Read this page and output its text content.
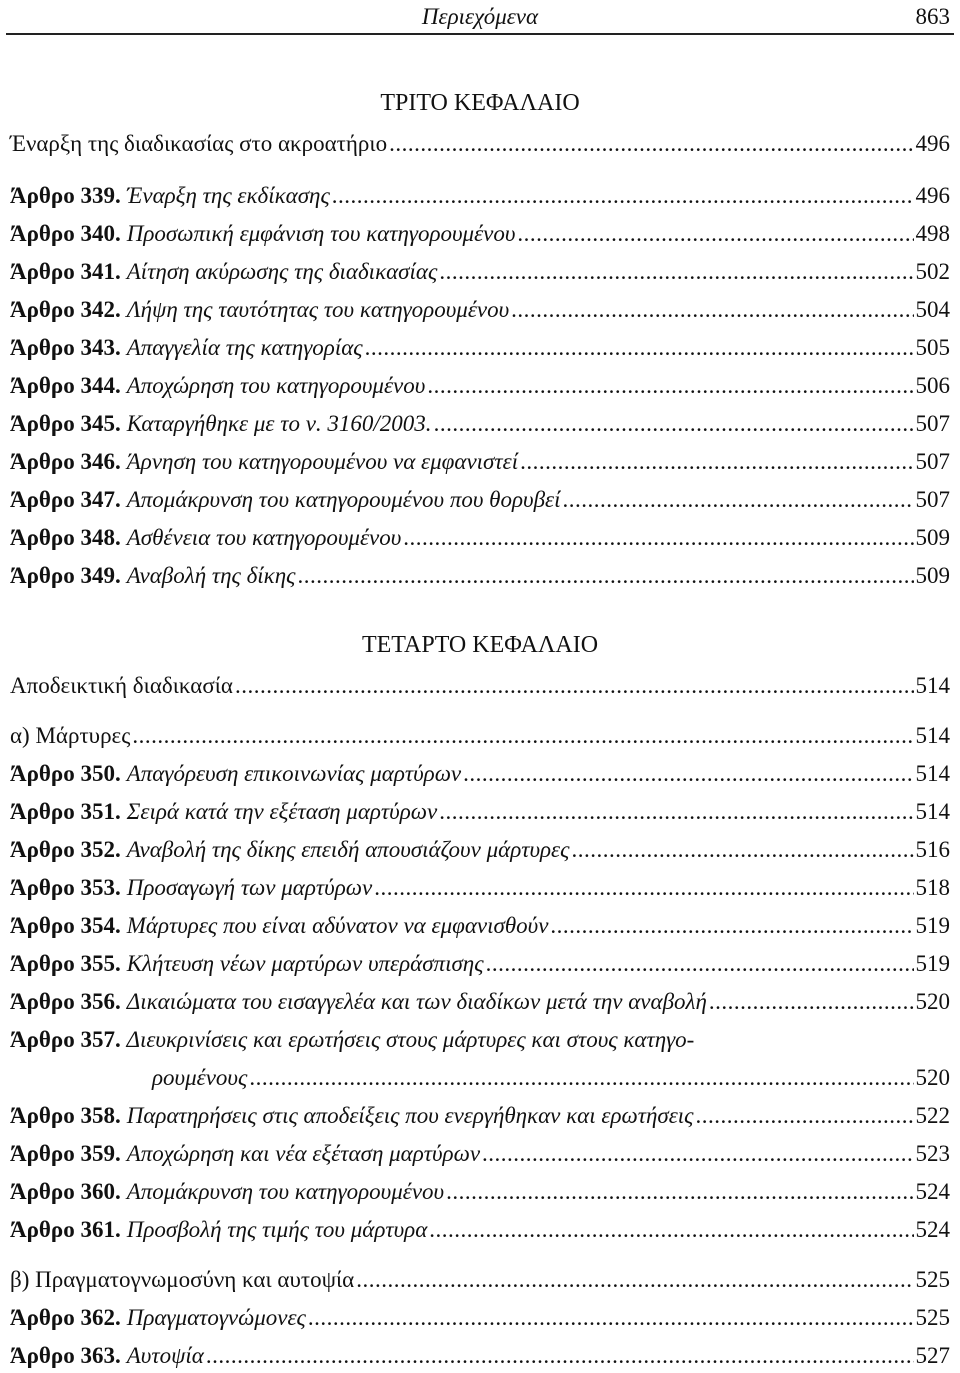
Περιεχόμενα	863
ΤΡΙΤΟ ΚΕΦΑΛΑΙΟ
Έναρξη της διαδικασίας στο ακροατήριο .....	496
Άρθρο 339. Έναρξη της εκδίκασης .....	496
Άρθρο 340. Προσωπική εμφάνιση του κατηγορουμένου .....	498
Άρθρο 341. Αίτηση ακύρωσης της διαδικασίας .....	502
Άρθρο 342. Λήψη της ταυτότητας του κατηγορουμένου .....	504
Άρθρο 343. Απαγγελία της κατηγορίας .....	505
Άρθρο 344. Αποχώρηση του κατηγορουμένου .....	506
Άρθρο 345. Καταργήθηκε με το ν. 3160/2003. .....	507
Άρθρο 346. Άρνηση του κατηγορουμένου να εμφανιστεί .....	507
Άρθρο 347. Απομάκρυνση του κατηγορουμένου που θορυβεί .....	507
Άρθρο 348. Ασθένεια του κατηγορουμένου .....	509
Άρθρο 349. Αναβολή της δίκης .....	509
ΤΕΤΑΡΤΟ ΚΕΦΑΛΑΙΟ
Αποδεικτική διαδικασία .....	514
α) Μάρτυρες .....	514
Άρθρο 350. Απαγόρευση επικοινωνίας μαρτύρων .....	514
Άρθρο 351. Σειρά κατά την εξέταση μαρτύρων .....	514
Άρθρο 352. Αναβολή της δίκης επειδή απουσιάζουν μάρτυρες .....	516
Άρθρο 353. Προσαγωγή των μαρτύρων .....	518
Άρθρο 354. Μάρτυρες που είναι αδύνατον να εμφανισθούν .....	519
Άρθρο 355. Κλήτευση νέων μαρτύρων υπεράσπισης .....	519
Άρθρο 356. Δικαιώματα του εισαγγελέα και των διαδίκων μετά την αναβολή .....	520
Άρθρο 357. Διευκρινίσεις και ερωτήσεις στους μάρτυρες και στους κατηγο-
ρουμένους .....	520
Άρθρο 358. Παρατηρήσεις στις αποδείξεις που ενεργήθηκαν και ερωτήσεις .....	522
Άρθρο 359. Αποχώρηση και νέα εξέταση μαρτύρων .....	523
Άρθρο 360. Απομάκρυνση του κατηγορουμένου .....	524
Άρθρο 361. Προσβολή της τιμής του μάρτυρα .....	524
β) Πραγματογνωμοσύνη και αυτοψία .....	525
Άρθρο 362. Πραγματογνώμονες .....	525
Άρθρο 363. Αυτοψία .....	527
